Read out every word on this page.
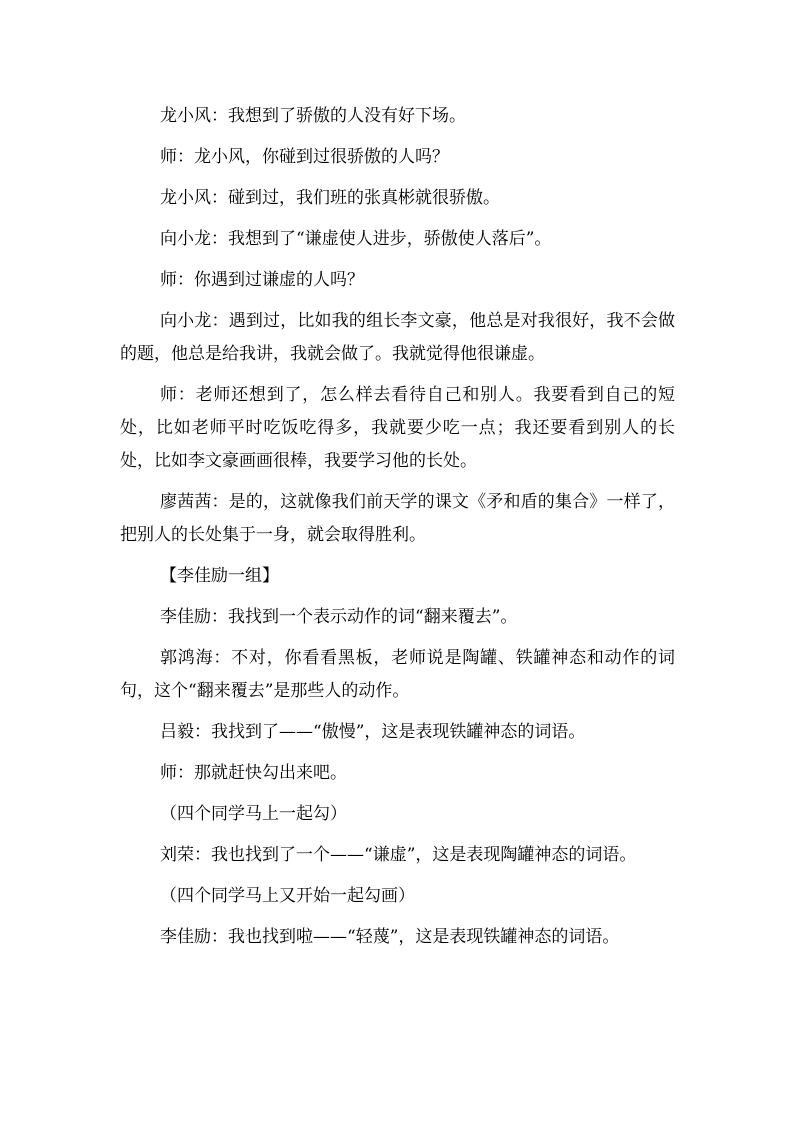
龙小风：我想到了骄傲的人没有好下场。

师：龙小风，你碰到过很骄傲的人吗？

龙小风：碰到过，我们班的张真彬就很骄傲。

向小龙：我想到了“谦虚使人进步，骄傲使人落后”。

师：你遇到过谦虚的人吗？

向小龙：遇到过，比如我的组长李文豪，他总是对我很好，我不会做的题，他总是给我讲，我就会做了。我就觉得他很谦虚。

师：老师还想到了，怎么样去看待自己和别人。我要看到自己的短处，比如老师平时吃饭吃得多，我就要少吃一点；我还要看到别人的长处，比如李文豪画画很棒，我要学习他的长处。

廖茜茜：是的，这就像我们前天学的课文《矛和盾的集合》一样了，把别人的长处集于一身，就会取得胜利。

【李佳励一组】

李佳励：我找到一个表示动作的词“翻来覆去”。

郭鸿海：不对，你看看黑板，老师说是陶罐、铁罐神态和动作的词句，这个“翻来覆去”是那些人的动作。

吕毅：我找到了——“傲慢”，这是表现铁罐神态的词语。

师：那就赶快勾出来吧。

（四个同学马上一起勾）

刘荣：我也找到了一个——“谦虚”，这是表现陶罐神态的词语。

（四个同学马上又开始一起勾画）

李佳励：我也找到啦——“轻蔑”，这是表现铁罐神态的词语。
